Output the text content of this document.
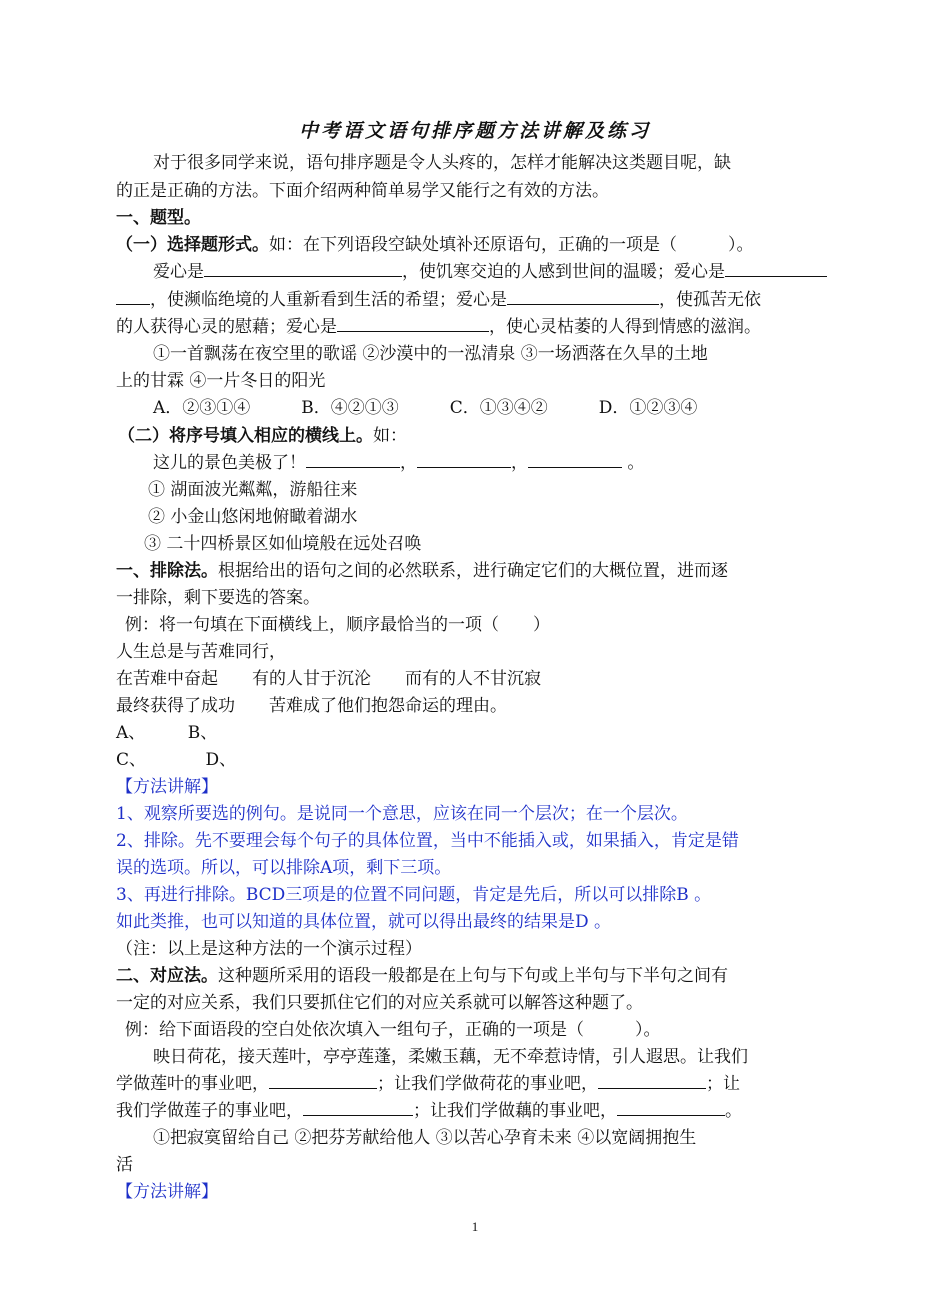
中考语文语句排序题方法讲解及练习
对于很多同学来说，语句排序题是令人头疼的，怎样才能解决这类题目呢，缺
的正是正确的方法。下面介绍两种简单易学又能行之有效的方法。
一、题型。
（一）选择题形式。如：在下列语段空缺处填补还原语句，正确的一项是（　　　）。
爱心是	，使饥寒交迫的人感到世间的温暖；爱心是
，使濒临绝境的人重新看到生活的希望；爱心是	，使孤苦无依
的人获得心灵的慰藉；爱心是	，使心灵枯萎的人得到情感的滋润。
①一首飘荡在夜空里的歌谣 ②沙漠中的一泓清泉 ③一场洒落在久旱的土地
上的甘霖 ④一片冬日的阳光
A．②③①④　　　B．④②①③　　　C．①③④②　　　D．①②③④
（二）将序号填入相应的横线上。如：
这儿的景色美极了！	，	，	。
① 湖面波光粼粼，游船往来
② 小金山悠闲地俯瞰着湖水
③ 二十四桥景区如仙境般在远处召唤
一、排除法。根据给出的语句之间的必然联系，进行确定它们的大概位置，进而逐
一排除，剩下要选的答案。
例：将一句填在下面横线上，顺序最恰当的一项（　　）
人生总是与苦难同行，
在苦难中奋起　　有的人甘于沉沦　　而有的人不甘沉寂
最终获得了成功　　苦难成了他们抱怨命运的理由。
A、　　　B、
C、　　　　D、
【方法讲解】
1、观察所要选的例句。是说同一个意思，应该在同一个层次；在一个层次。
2、排除。先不要理会每个句子的具体位置，当中不能插入或，如果插入，肯定是错
误的选项。所以，可以排除A项，剩下三项。
3、再进行排除。BCD三项是的位置不同问题，肯定是先后，所以可以排除B 。
如此类推，也可以知道的具体位置，就可以得出最终的结果是D 。
（注：以上是这种方法的一个演示过程）
二、对应法。这种题所采用的语段一般都是在上句与下句或上半句与下半句之间有
一定的对应关系，我们只要抓住它们的对应关系就可以解答这种题了。
例：给下面语段的空白处依次填入一组句子，正确的一项是（　　　）。
映日荷花，接天莲叶，亭亭莲蓬，柔嫩玉藕，无不牵惹诗情，引人遐思。让我们
学做莲叶的事业吧，	；让我们学做荷花的事业吧，	；让
我们学做莲子的事业吧，	；让我们学做藕的事业吧，	。
①把寂寞留给自己 ②把芬芳献给他人 ③以苦心孕育未来 ④以宽阔拥抱生
活
【方法讲解】
1
